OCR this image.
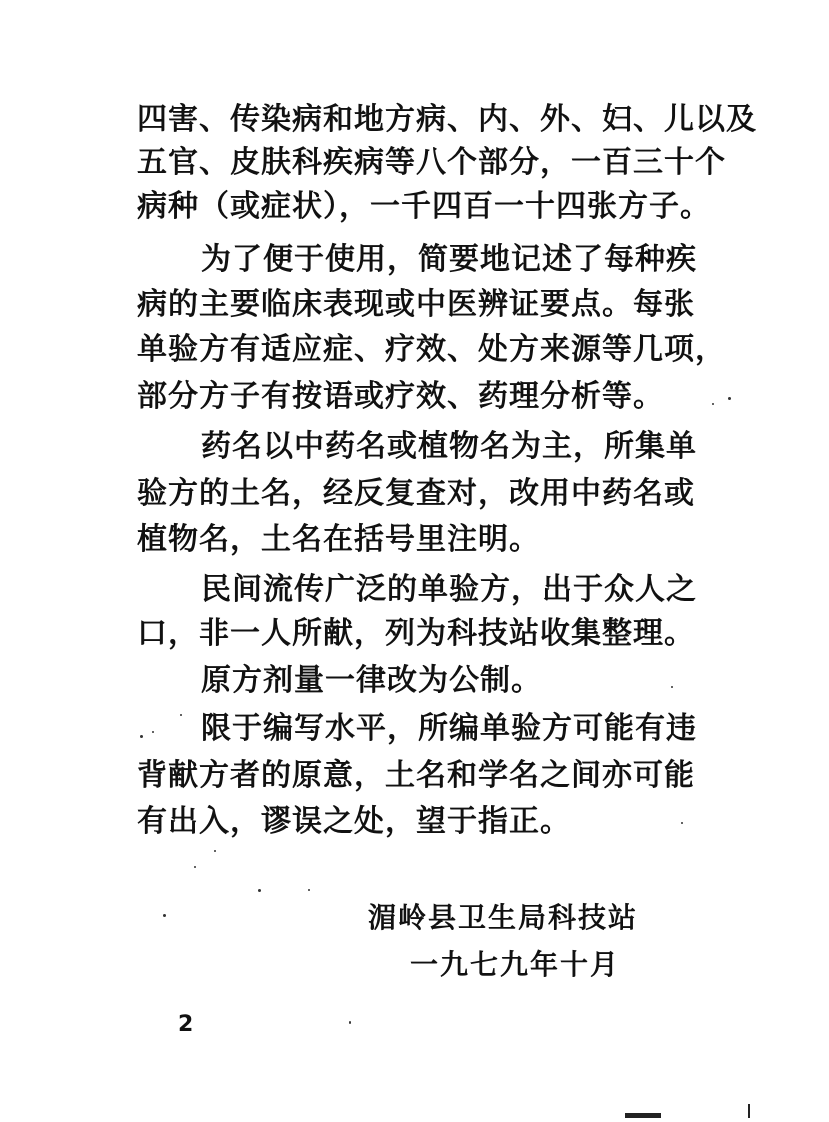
四害、传染病和地方病、内、外、妇、儿以及
五官、皮肤科疾病等八个部分，一百三十个
病种（或症状），一千四百一十四张方子。
为了便于使用，简要地记述了每种疾
病的主要临床表现或中医辨证要点。每张
单验方有适应症、疗效、处方来源等几项，
部分方子有按语或疗效、药理分析等。
药名以中药名或植物名为主，所集单
验方的土名，经反复查对，改用中药名或
植物名，土名在括号里注明。
民间流传广泛的单验方，出于众人之
口，非一人所献，列为科技站收集整理。
原方剂量一律改为公制。
限于编写水平，所编单验方可能有违
背献方者的原意，土名和学名之间亦可能
有出入，谬误之处，望于指正。
湄岭县卫生局科技站
一九七九年十月
2
